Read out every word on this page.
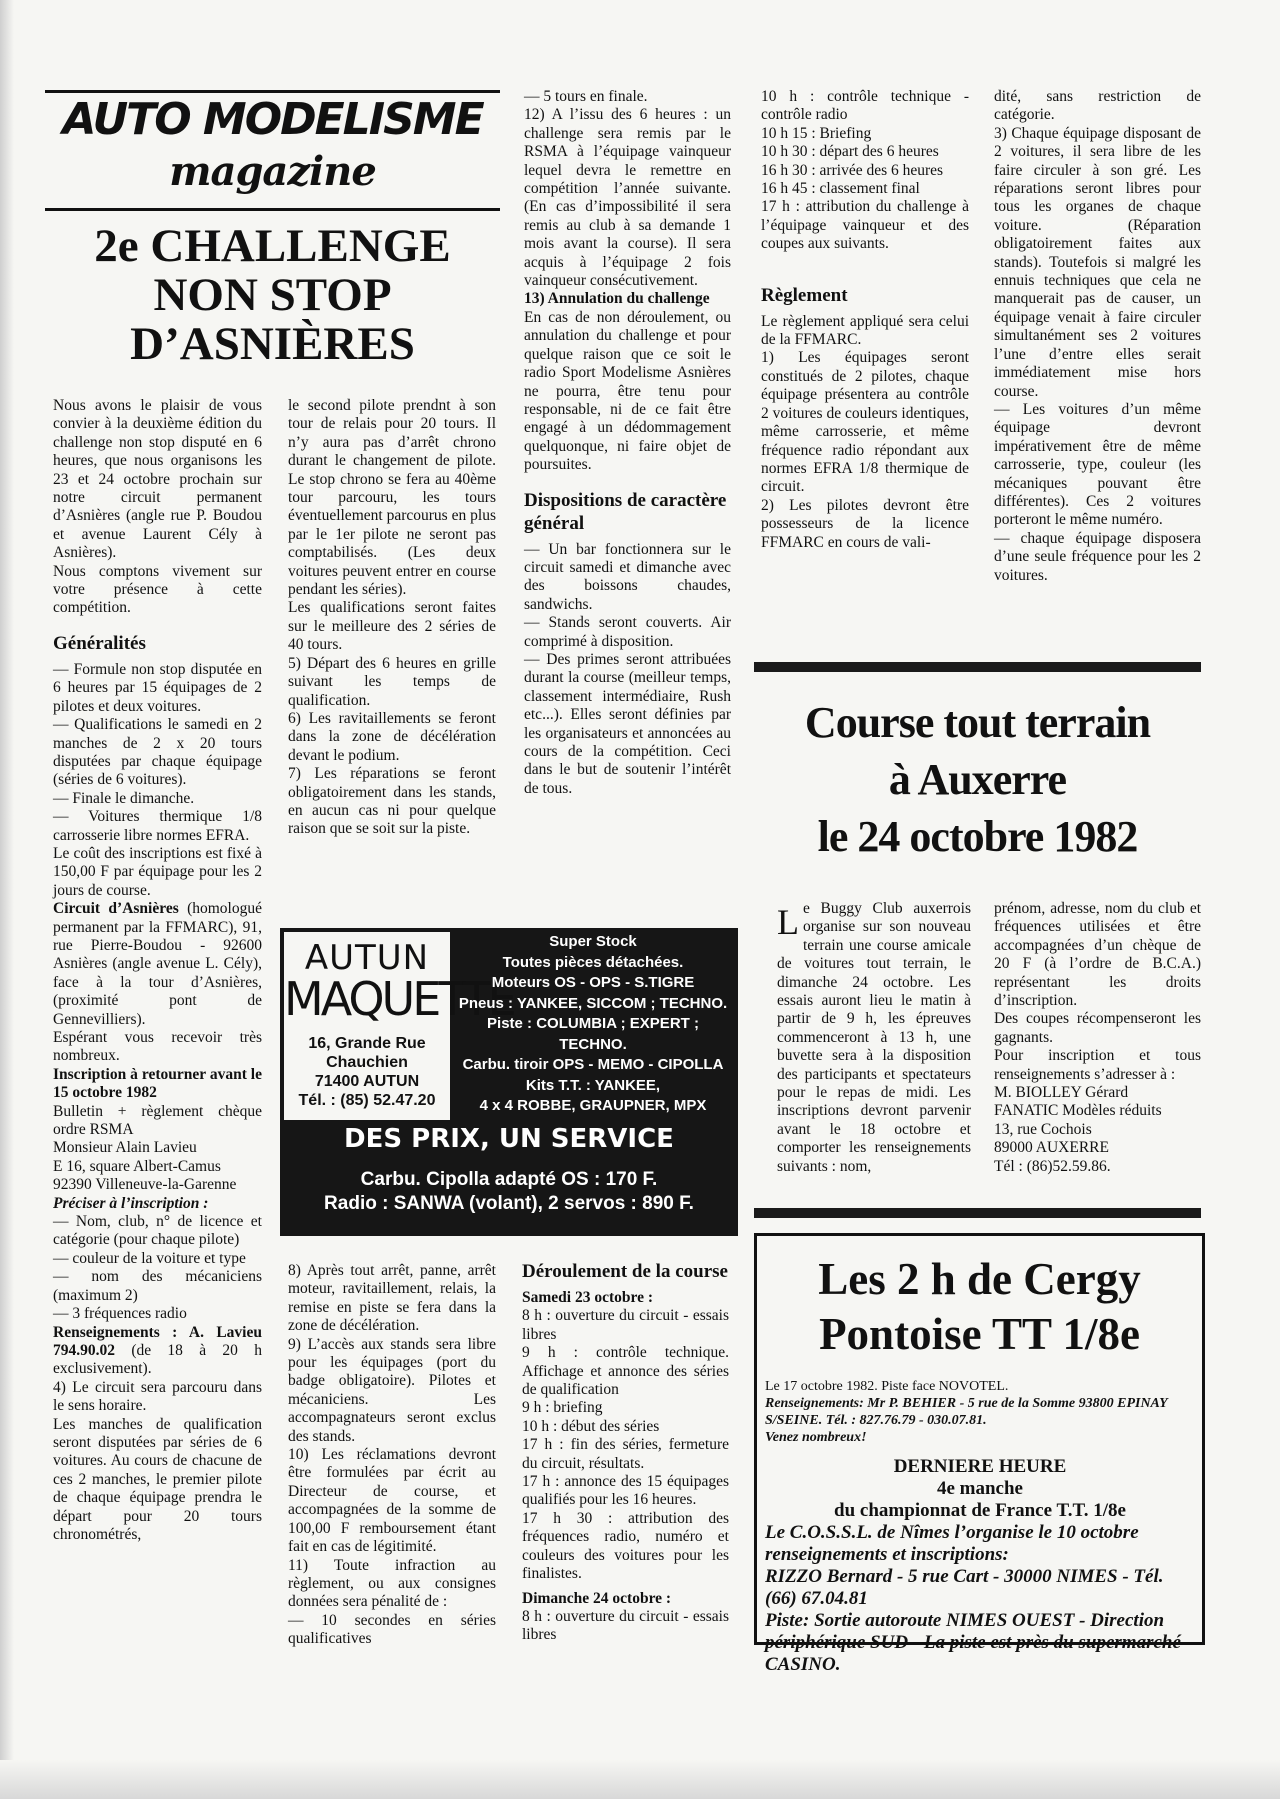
AUTO MODELISME
magazine
2e CHALLENGE
NON STOP
D’ASNIÈRES

Nous avons le plaisir de vous convier à la deuxième édition du challenge non stop disputé en 6 heures, que nous organisons les 23 et 24 octobre prochain sur notre circuit permanent d’Asnières (angle rue P. Boudou et avenue Laurent Cély à Asnières).

Nous comptons vivement sur votre présence à cette compétition.

Généralités

— Formule non stop disputée en 6 heures par 15 équipages de 2 pilotes et deux voitures.

— Qualifications le samedi en 2 manches de 2 x 20 tours disputées par chaque équipage (séries de 6 voitures).

— Finale le dimanche.

— Voitures thermique 1/8 carrosserie libre normes EFRA.

Le coût des inscriptions est fixé à 150,00 F par équipage pour les 2 jours de course.

Circuit d’Asnières (homologué permanent par la FFMARC), 91, rue Pierre-Boudou - 92600 Asnières (angle avenue L. Cély), face à la tour d’Asnières, (proximité pont de Gennevilliers).

Espérant vous recevoir très nombreux.

Inscription à retourner avant le 15 octobre 1982

Bulletin + règlement chèque ordre RSMA

Monsieur Alain Lavieu

E 16, square Albert-Camus

92390 Villeneuve-la-Garenne

Préciser à l’inscription :

— Nom, club, n° de licence et catégorie (pour chaque pilote)

— couleur de la voiture et type

— nom des mécaniciens (maximum 2)

— 3 fréquences radio

Renseignements : A. Lavieu 794.90.02 (de 18 à 20 h exclusivement).

4) Le circuit sera parcouru dans le sens horaire.

Les manches de qualification seront disputées par séries de 6 voitures. Au cours de chacune de ces 2 manches, le premier pilote de chaque équipage prendra le départ pour 20 tours chronométrés,

le second pilote prendnt à son tour de relais pour 20 tours. Il n’y aura pas d’arrêt chrono durant le changement de pilote. Le stop chrono se fera au 40ème tour parcouru, les tours éventuellement parcourus en plus par le 1er pilote ne seront pas comptabilisés. (Les deux voitures peuvent entrer en course pendant les séries).

Les qualifications seront faites sur le meilleure des 2 séries de 40 tours.

5) Départ des 6 heures en grille suivant les temps de qualification.

6) Les ravitaillements se feront dans la zone de décélération devant le podium.

7) Les réparations se feront obligatoirement dans les stands, en aucun cas ni pour quelque raison que se soit sur la piste.

— 5 tours en finale.

12) A l’issu des 6 heures : un challenge sera remis par le RSMA à l’équipage vainqueur lequel devra le remettre en compétition l’année suivante. (En cas d’impossibilité il sera remis au club à sa demande 1 mois avant la course). Il sera acquis à l’équipage 2 fois vainqueur consécutivement.

13) Annulation du challenge

En cas de non déroulement, ou annulation du challenge et pour quelque raison que ce soit le radio Sport Modelisme Asnières ne pourra, être tenu pour responsable, ni de ce fait être engagé à un dédommagement quelquonque, ni faire objet de poursuites.

Dispositions de caractère général

— Un bar fonctionnera sur le circuit samedi et dimanche avec des boissons chaudes, sandwichs.

— Stands seront couverts. Air comprimé à disposition.

— Des primes seront attribuées durant la course (meilleur temps, classement intermédiaire, Rush etc...). Elles seront définies par les organisateurs et annoncées au cours de la compétition. Ceci dans le but de soutenir l’intérêt de tous.

10 h : contrôle technique - contrôle radio

10 h 15 : Briefing

10 h 30 : départ des 6 heures

16 h 30 : arrivée des 6 heures

16 h 45 : classement final

17 h : attribution du challenge à l’équipage vainqueur et des coupes aux suivants.

Règlement

Le règlement appliqué sera celui de la FFMARC.

1) Les équipages seront constitués de 2 pilotes, chaque équipage présentera au contrôle 2 voitures de couleurs identiques, même carrosserie, et même fréquence radio répondant aux normes EFRA 1/8 thermique de circuit.

2) Les pilotes devront être possesseurs de la licence FFMARC en cours de vali-

dité, sans restriction de catégorie.

3) Chaque équipage disposant de 2 voitures, il sera libre de les faire circuler à son gré. Les réparations seront libres pour tous les organes de chaque voiture. (Réparation obligatoirement faites aux stands). Toutefois si malgré les ennuis techniques que cela ne manquerait pas de causer, un équipage venait à faire circuler simultanément ses 2 voitures l’une d’entre elles serait immédiatement mise hors course.

— Les voitures d’un même équipage devront impérativement être de même carrosserie, type, couleur (les mécaniques pouvant être différentes). Ces 2 voitures porteront le même numéro.

— chaque équipage disposera d’une seule fréquence pour les 2 voitures.

AUTUN
MAQUETTE
16, Grande Rue
Chauchien
71400 AUTUN
Tél. : (85) 52.47.20
Super Stock
Toutes pièces détachées.
Moteurs OS - OPS - S.TIGRE
Pneus : YANKEE, SICCOM ; TECHNO.
Piste : COLUMBIA ; EXPERT ; TECHNO.
Carbu. tiroir OPS - MEMO - CIPOLLA
Kits T.T. : YANKEE,
4 x 4 ROBBE, GRAUPNER, MPX
DES PRIX, UN SERVICE
Carbu. Cipolla adapté OS : 170 F.
Radio : SANWA (volant), 2 servos : 890 F.

8) Après tout arrêt, panne, arrêt moteur, ravitaillement, relais, la remise en piste se fera dans la zone de décélération.

9) L’accès aux stands sera libre pour les équipages (port du badge obligatoire). Pilotes et mécaniciens. Les accompagnateurs seront exclus des stands.

10) Les réclamations devront être formulées par écrit au Directeur de course, et accompagnées de la somme de 100,00 F remboursement étant fait en cas de légitimité.

11) Toute infraction au règlement, ou aux consignes données sera pénalité de :

— 10 secondes en séries qualificatives

Déroulement de la course

Samedi 23 octobre :

8 h : ouverture du circuit - essais libres

9 h : contrôle technique. Affichage et annonce des séries de qualification

9 h : briefing

10 h : début des séries

17 h : fin des séries, fermeture du circuit, résultats.

17 h : annonce des 15 équipages qualifiés pour les 16 heures.

17 h 30 : attribution des fréquences radio, numéro et couleurs des voitures pour les finalistes.

Dimanche 24 octobre :

8 h : ouverture du circuit - essais libres

Course tout terrain
à Auxerre
le 24 octobre 1982

Le Buggy Club auxerrois organise sur son nouveau terrain une course amicale de voitures tout terrain, le dimanche 24 octobre. Les essais auront lieu le matin à partir de 9 h, les épreuves commenceront à 13 h, une buvette sera à la disposition des participants et spectateurs pour le repas de midi. Les inscriptions devront parvenir avant le 18 octobre et comporter les renseignements suivants : nom,

prénom, adresse, nom du club et fréquences utilisées et être accompagnées d’un chèque de 20 F (à l’ordre de B.C.A.) représentant les droits d’inscription.

Des coupes récompenseront les gagnants.

Pour inscription et tous renseignements s’adresser à :

M. BIOLLEY Gérard

FANATIC Modèles réduits

13, rue Cochois

89000 AUXERRE

Tél : (86)52.59.86.

Les 2 h de Cergy
Pontoise TT 1/8e
Le 17 octobre 1982. Piste face NOVOTEL.
Renseignements: Mr P. BEHIER - 5 rue de la Somme 93800 EPINAY S/SEINE. Tél. : 827.76.79 - 030.07.81.
Venez nombreux!
DERNIERE HEURE
4e manche
du championnat de France T.T. 1/8e
Le C.O.S.S.L. de Nîmes l’organise le 10 octobre renseignements et inscriptions:
RIZZO Bernard - 5 rue Cart - 30000 NIMES - Tél. (66) 67.04.81
Piste: Sortie autoroute NIMES OUEST - Direction périphérique SUD - La piste est près du supermarché CASINO.
